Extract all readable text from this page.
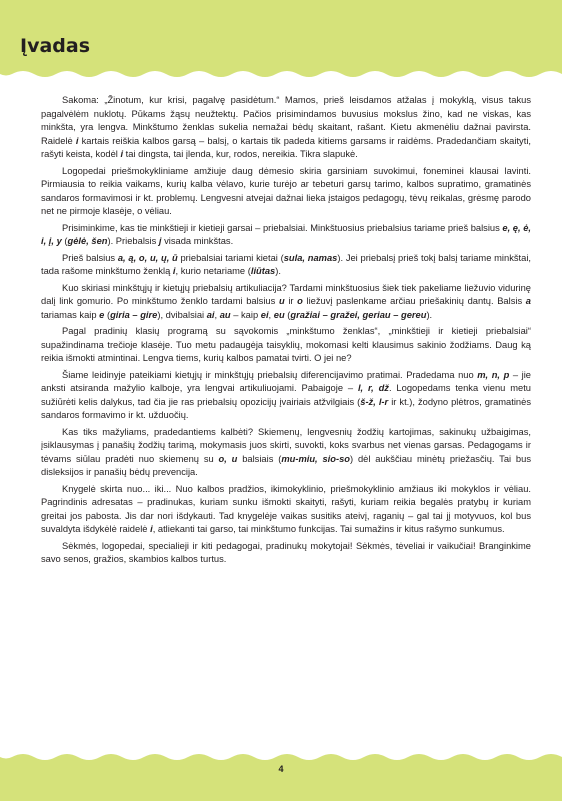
Įvadas

Sakoma: „Žinotum, kur krisi, pagalvę pasidėtum.“ Mamos, prieš leisdamos atžalas į mokyklą, visus takus pagalvėlėm nuklotų. Pūkams žąsų neužtektų. Pačios prisimindamos buvusius mokslus žino, kad ne viskas, kas minkšta, yra lengva. Minkštumo ženklas sukelia nemažai bėdų skaitant, rašant. Kietu akmenėliu dažnai pavirsta. Raidelė i kartais reiškia kalbos garsą – balsį, o kartais tik padeda kitiems garsams ir raidėms. Pradedančiam skaityti, rašyti keista, kodėl i tai dingsta, tai įlenda, kur, rodos, nereikia. Tikra slapukė.

Logopedai priešmokykliniame amžiuje daug dėmesio skiria garsiniam suvokimui, foneminei klausai lavinti. Pirmiausia to reikia vaikams, kurių kalba vėlavo, kurie turėjo ar tebeturi garsų tarimo, kalbos supratimo, gramatinės sandaros formavimosi ir kt. problemų. Lengvesni atvejai dažnai lieka įstaigos pedagogų, tėvų reikalas, grėsmę parodo net ne pirmoje klasėje, o vėliau.

Prisiminkime, kas tie minkštieji ir kietieji garsai – priebalsiai. Minkštuosius priebalsius tariame prieš balsius e, ę, ė, i, į, y (gėlė, šen). Priebalsis j visada minkštas.

Prieš balsius a, ą, o, u, ų, ū priebalsiai tariami kietai (sula, namas). Jei priebalsį prieš tokį balsį tariame minkštai, tada rašome minkštumo ženklą i, kurio netariame (liūtas).

Kuo skiriasi minkštųjų ir kietųjų priebalsių artikuliacija? Tardami minkštuosius šiek tiek pakeliame liežuvio vidurinę dalį link gomurio. Po minkštumo ženklo tardami balsius u ir o liežuvį paslenkame arčiau priešakinių dantų. Balsis a tariamas kaip e (giria – gire), dvibalsiai ai, au – kaip ei, eu (gražiai – gražei, geriau – gereu).

Pagal pradinių klasių programą su sąvokomis „minkštumo ženklas“, „minkštieji ir kietieji priebalsiai“ supažindinama trečioje klasėje. Tuo metu padaugėja taisyklių, mokomasi kelti klausimus sakinio žodžiams. Daug ką reikia išmokti atmintinai. Lengva tiems, kurių kalbos pamatai tvirti. O jei ne?

Šiame leidinyje pateikiami kietųjų ir minkštųjų priebalsių diferencijavimo pratimai. Pradedama nuo m, n, p – jie anksti atsiranda mažylio kalboje, yra lengvai artikuliuojami. Pabaigoje – l, r, dž. Logopedams tenka vienu metu sužiūrėti kelis dalykus, tad čia jie ras priebalsių opozicijų įvairiais atžvilgiais (š-ž, l-r ir kt.), žodyno plėtros, gramatinės sandaros formavimo ir kt. užduočių.

Kas tiks mažyliams, pradedantiems kalbėti? Skiemenų, lengvesnių žodžių kartojimas, sakinukų užbaigimas, įsiklausymas į panašių žodžių tarimą, mokymasis juos skirti, suvokti, koks svarbus net vienas garsas. Pedagogams ir tėvams siūlau pradėti nuo skiemenų su o, u balsiais (mu-miu, sio-so) dėl aukščiau minėtų priežasčių. Tai bus disleksijos ir panašių bėdų prevencija.

Knygelė skirta nuo... iki... Nuo kalbos pradžios, ikimokyklinio, priešmokyklinio amžiaus iki mokyklos ir vėliau. Pagrindinis adresatas – pradinukas, kuriam sunku išmokti skaityti, rašyti, kuriam reikia begalės pratybų ir kuriam greitai jos pabosta. Jis dar nori išdykauti. Tad knygelėje vaikas susitiks ateivį, raganių – gal tai jį motyvuos, kol bus suvaldyta išdykėlė raidelė i, atliekanti tai garso, tai minkštumo funkcijas. Tai sumažins ir kitus rašymo sunkumus.

Sėkmės, logopedai, specialieji ir kiti pedagogai, pradinukų mokytojai! Sėkmės, tėveliai ir vaikučiai! Branginkime savo senos, gražios, skambios kalbos turtus.

4
